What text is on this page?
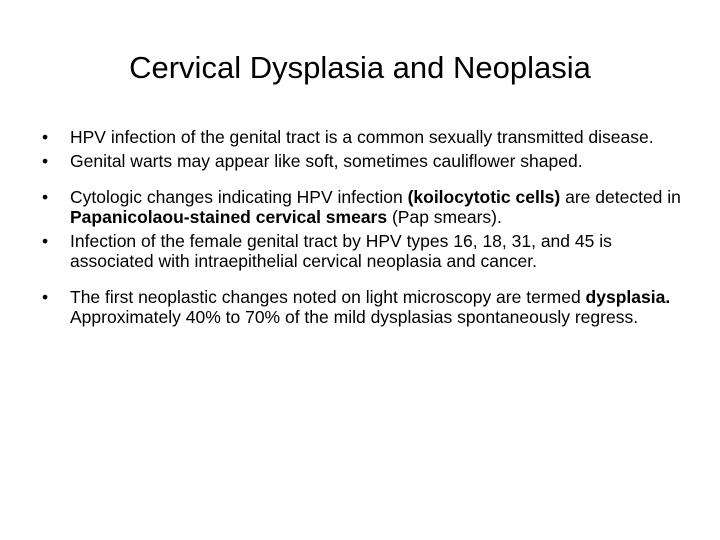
Cervical Dysplasia and Neoplasia
•	HPV infection of the genital tract is a common sexually transmitted disease.
•	Genital warts may appear like soft, sometimes cauliflower shaped.
•	Cytologic changes indicating HPV infection (koilocytotic cells) are detected in Papanicolaou-stained cervical smears (Pap smears).
•	Infection of the female genital tract by HPV types 16, 18, 31, and 45 is associated with intraepithelial cervical neoplasia and cancer.
•	The first neoplastic changes noted on light microscopy are termed dysplasia. Approximately 40% to 70% of the mild dysplasias spontaneously regress.
